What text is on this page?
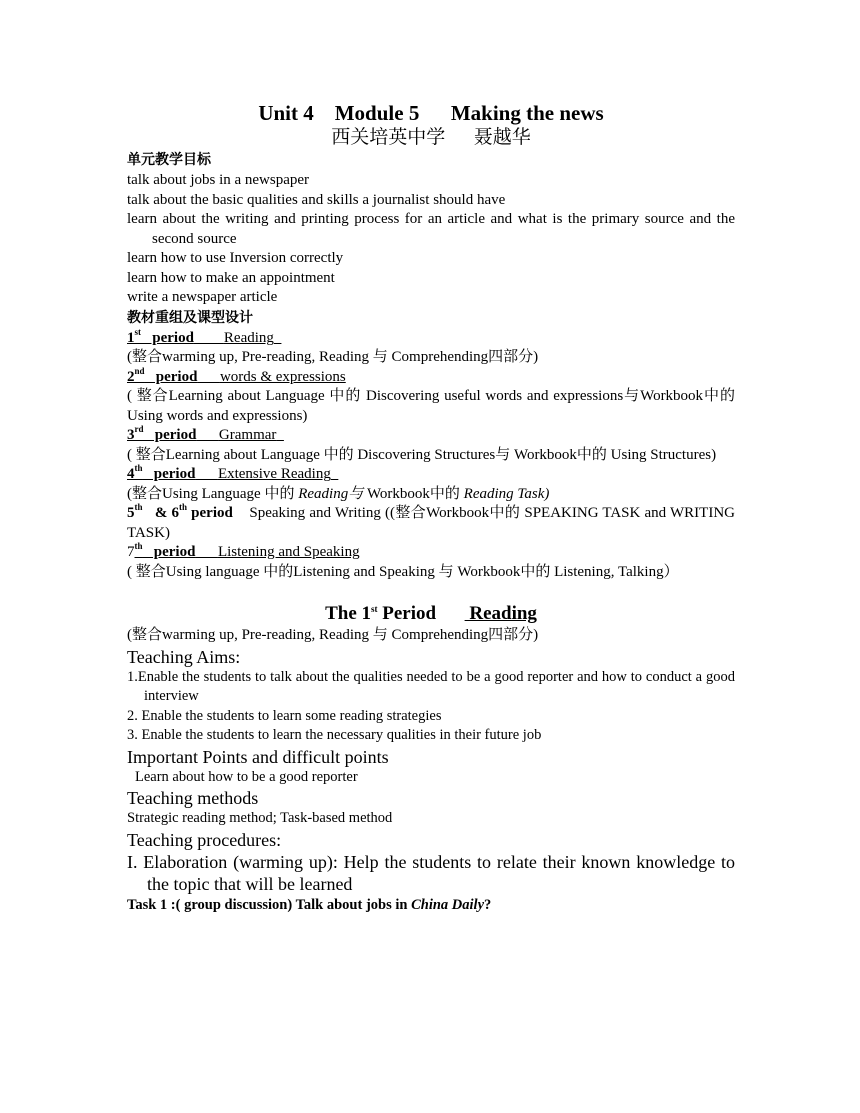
Unit 4    Module 5      Making the news
西关培英中学      聂越华
单元教学目标
talk about jobs in a newspaper
talk about the basic qualities and skills a journalist should have
learn about the writing and printing process for an article and what is the primary source and the second source
learn how to use Inversion correctly
learn how to make an appointment
write a newspaper article
教材重组及课型设计
1st   period Reading
(整合warming up, Pre-reading, Reading 与 Comprehending四部分)
2nd   period words & expressions
( 整合Learning about Language 中的 Discovering useful words and expressions与Workbook中的 Using words and expressions)
3rd   period Grammar
( 整合Learning about Language 中的 Discovering Structures与 Workbook中的 Using Structures)
4th   period Extensive Reading
(整合Using Language 中的 Reading与 Workbook中的 Reading Task)
5th   & 6th period Speaking and Writing ((整合Workbook中的 SPEAKING TASK and WRITING TASK)
7th   period Listening and Speaking
( 整合Using language 中的Listening and Speaking 与 Workbook中的 Listening, Talking）
The 1st Period       Reading
(整合warming up, Pre-reading, Reading 与 Comprehending四部分)
Teaching Aims:
1.Enable the students to talk about the qualities needed to be a good reporter and how to conduct a good interview
2. Enable the students to learn some reading strategies
3. Enable the students to learn the necessary qualities in their future job
Important Points and difficult points
Learn about how to be a good reporter
Teaching methods
Strategic reading method; Task-based method
Teaching procedures:
I. Elaboration (warming up): Help the students to relate their known knowledge to the topic that will be learned
Task 1 :( group discussion) Talk about jobs in China Daily?
